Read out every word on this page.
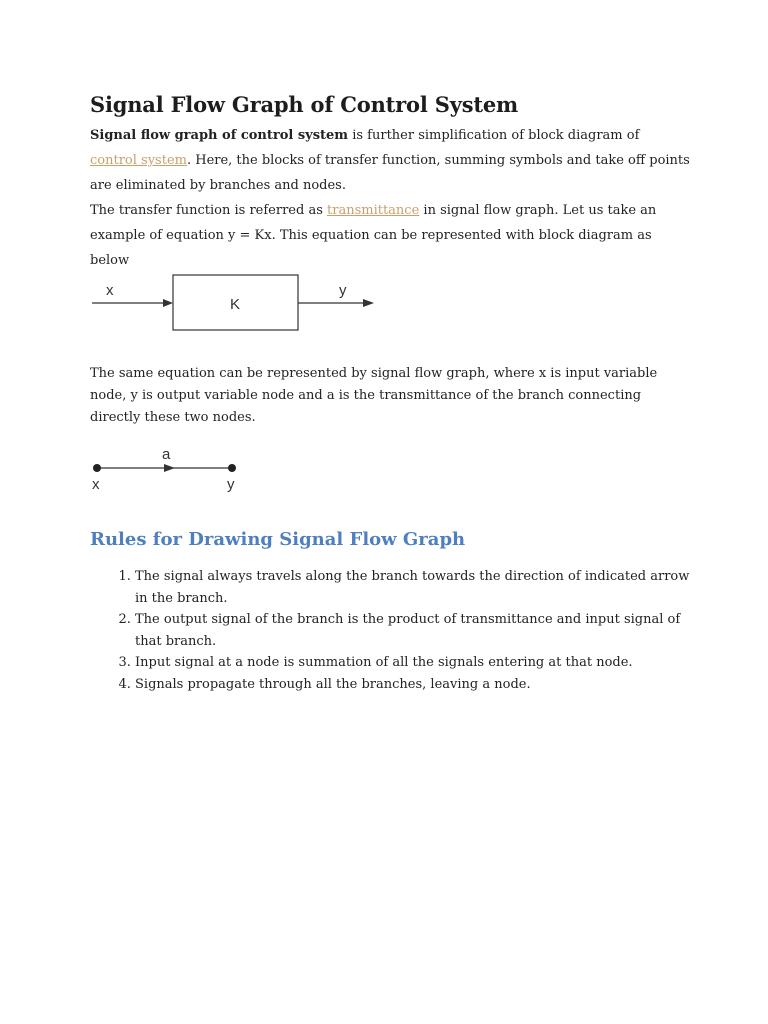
Signal Flow Graph of Control System

Signal flow graph of control system is further simplification of block diagram of control system. Here, the blocks of transfer function, summing symbols and take off points are eliminated by branches and nodes.

The transfer function is referred as transmittance in signal flow graph. Let us take an example of equation y = Kx. This equation can be represented with block diagram as below

x
K
y

The same equation can be represented by signal flow graph, where x is input variable node, y is output variable node and a is the transmittance of the branch connecting directly these two nodes.

a
x	y
Rules for Drawing Signal Flow Graph
1. The signal always travels along the branch towards the direction of indicated arrow in the branch.
2. The output signal of the branch is the product of transmittance and input signal of that branch.
3. Input signal at a node is summation of all the signals entering at that node.
4. Signals propagate through all the branches, leaving a node.
